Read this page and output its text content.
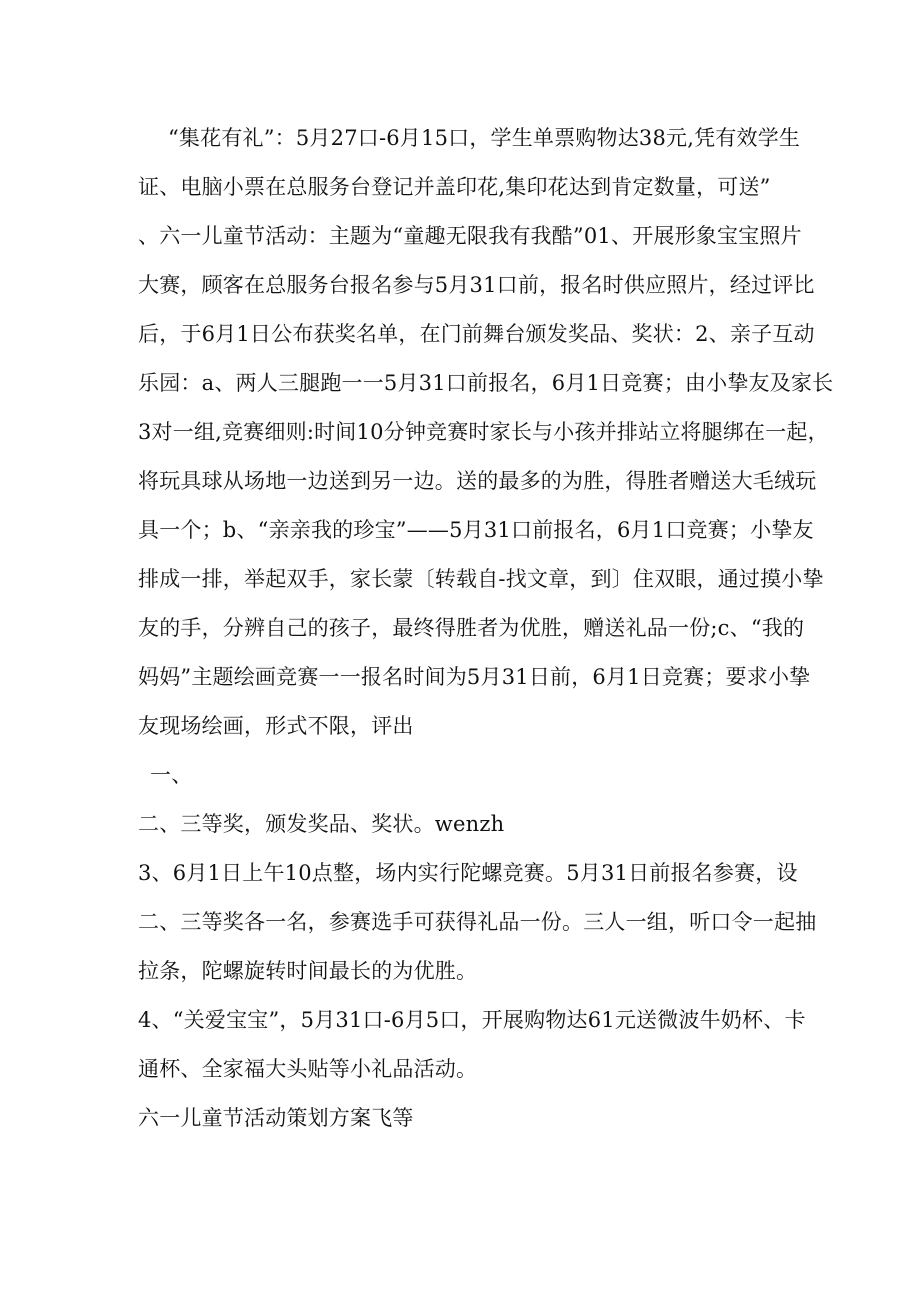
“集花有礼”：5月27口-6月15口，学生单票购物达38元,凭有效学生
证、电脑小票在总服务台登记并盖印花,集印花达到肯定数量，可送”
、六一儿童节活动：主题为“童趣无限我有我酷”01、开展形象宝宝照片
大赛，顾客在总服务台报名参与5月31口前，报名时供应照片，经过评比
后，于6月1日公布获奖名单，在门前舞台颁发奖品、奖状：2、亲子互动
乐园：a、两人三腿跑一一5月31口前报名，6月1日竞赛；由小挚友及家长
3对一组,竞赛细则:时间10分钟竞赛时家长与小孩并排站立将腿绑在一起，
将玩具球从场地一边送到另一边。送的最多的为胜，得胜者赠送大毛绒玩
具一个；b、“亲亲我的珍宝”——5月31口前报名，6月1口竞赛；小挚友
排成一排，举起双手，家长蒙〔转载自-找文章，到〕住双眼，通过摸小挚
友的手，分辨自己的孩子，最终得胜者为优胜，赠送礼品一份;c、“我的
妈妈”主题绘画竞赛一一报名时间为5月31日前，6月1日竞赛；要求小挚
友现场绘画，形式不限，评出
一、
二、三等奖，颁发奖品、奖状。wenzh
3、6月1日上午10点整，场内实行陀螺竞赛。5月31日前报名参赛，设
二、三等奖各一名，参赛选手可获得礼品一份。三人一组，听口令一起抽
拉条，陀螺旋转时间最长的为优胜。
4、“关爱宝宝”，5月31口-6月5口，开展购物达61元送微波牛奶杯、卡
通杯、全家福大头贴等小礼品活动。
六一儿童节活动策划方案飞等
